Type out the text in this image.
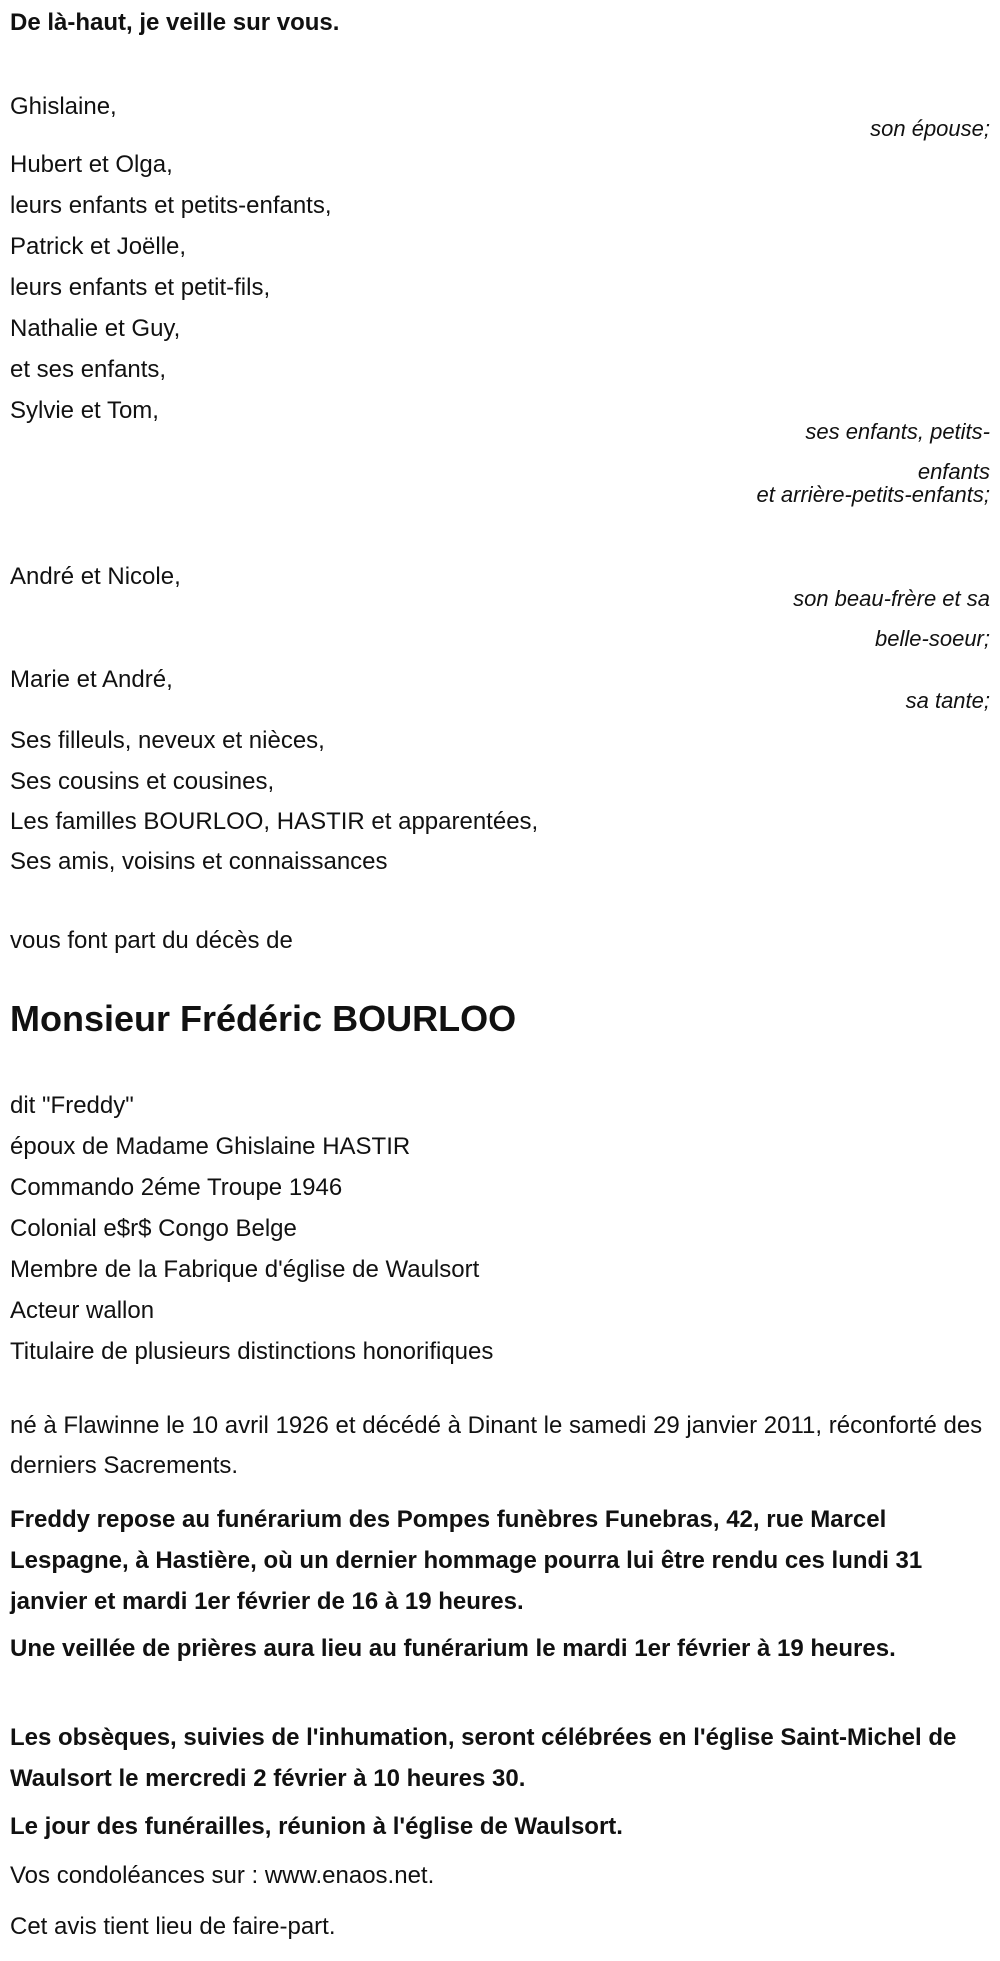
De là-haut, je veille sur vous.
Ghislaine,
son épouse;
Hubert et Olga,
leurs enfants et petits-enfants,
Patrick et Joëlle,
leurs enfants et petit-fils,
Nathalie et Guy,
et ses enfants,
Sylvie et Tom,
ses enfants, petits-enfants
et arrière-petits-enfants;
André et Nicole,
son beau-frère et sa belle-soeur;
Marie et André,
sa tante;
Ses filleuls, neveux et nièces,
Ses cousins et cousines,
Les familles BOURLOO, HASTIR et apparentées,
Ses amis, voisins et connaissances
vous font part du décès de
Monsieur Frédéric BOURLOO
dit "Freddy"
époux de Madame Ghislaine HASTIR
Commando 2éme Troupe 1946
Colonial e$r$ Congo Belge
Membre de la Fabrique d'église de Waulsort
Acteur wallon
Titulaire de plusieurs distinctions honorifiques
né à Flawinne le 10 avril 1926 et décédé à Dinant le samedi 29 janvier 2011, réconforté des derniers Sacrements.
Freddy repose au funérarium des Pompes funèbres Funebras, 42, rue Marcel Lespagne, à Hastière, où un dernier hommage pourra lui être rendu ces lundi 31 janvier et mardi 1er février de 16 à 19 heures.
Une veillée de prières aura lieu au funérarium le mardi 1er février à 19 heures.
Les obsèques, suivies de l'inhumation, seront célébrées en l'église Saint-Michel de Waulsort le mercredi 2 février à 10 heures 30.
Le jour des funérailles, réunion à l'église de Waulsort.
Vos condoléances sur : www.enaos.net.
Cet avis tient lieu de faire-part.
